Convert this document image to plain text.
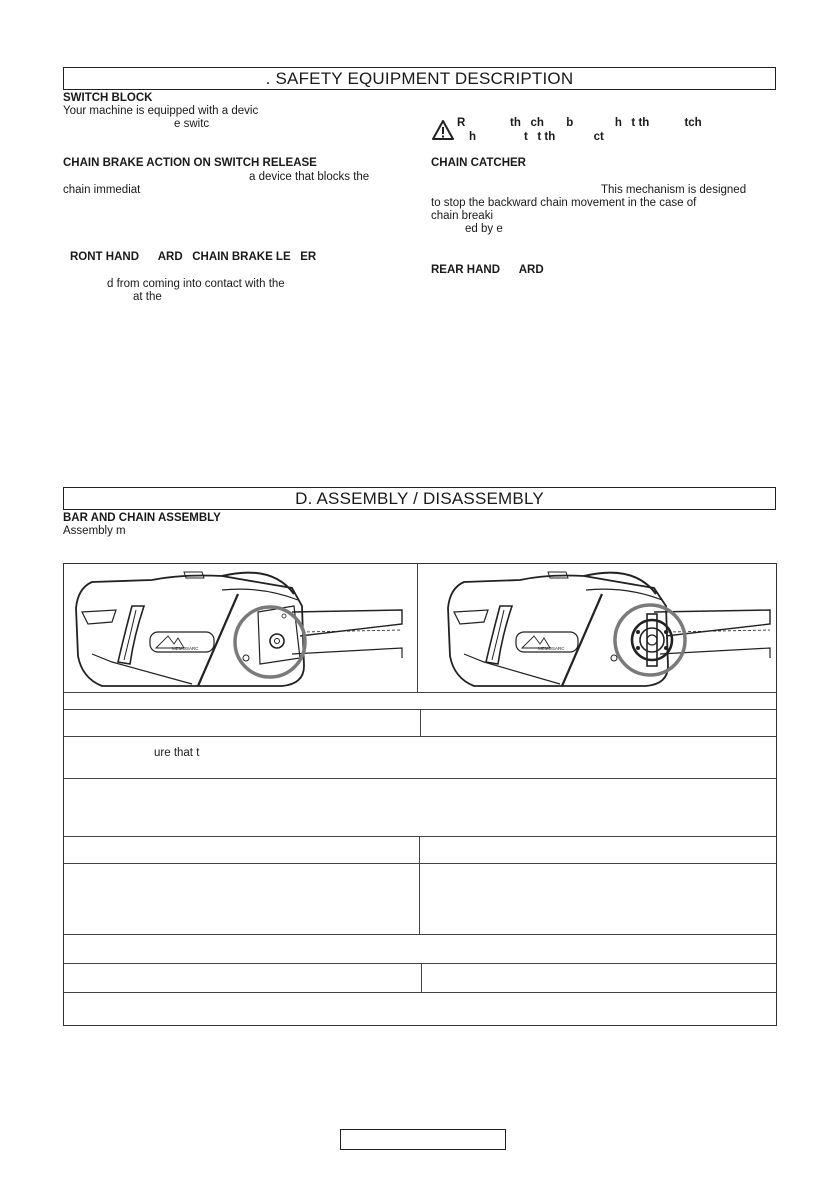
. SAFETY EQUIPMENT DESCRIPTION
SWITCH BLOCK
Your machine is equipped with a devic
e switc
CHAIN BRAKE ACTION ON SWITCH RELEASE
a device that blocks the
chain immediat
RONT HAND      ARD   CHAIN BRAKE LE   ER
d from coming into contact with the
at the
R              th   ch       b             h   t th           tch
h               t   t th            ct
CHAIN CATCHER
This mechanism is designed
to stop the backward chain movement in the case of
chain breaki
ed by e
REAR HAND      ARD
D. ASSEMBLY / DISASSEMBLY
BAR AND CHAIN ASSEMBLY
Assembly m
MEMOSARC	MEMOSARC
ure that t
